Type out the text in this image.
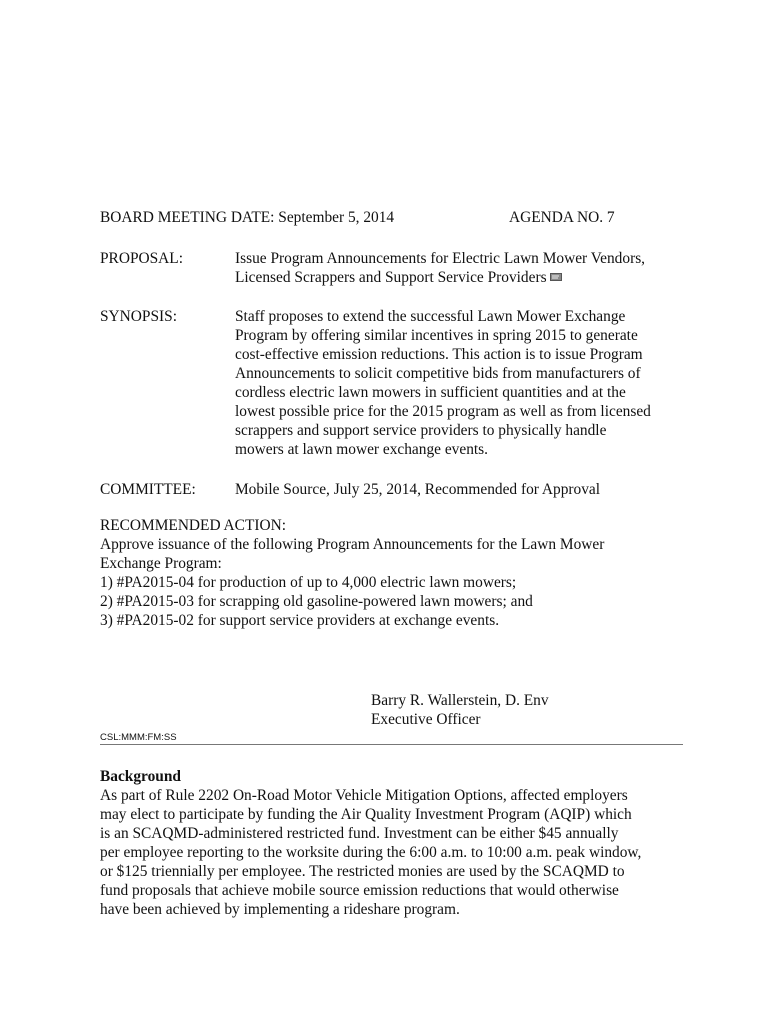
BOARD MEETING DATE: September 5, 2014	AGENDA NO. 7
PROPOSAL:	Issue Program Announcements for Electric Lawn Mower Vendors,
Licensed Scrappers and Support Service Providers
SYNOPSIS:	Staff proposes to extend the successful Lawn Mower Exchange
Program by offering similar incentives in spring 2015 to generate
cost-effective emission reductions. This action is to issue Program
Announcements to solicit competitive bids from manufacturers of
cordless electric lawn mowers in sufficient quantities and at the
lowest possible price for the 2015 program as well as from licensed
scrappers and support service providers to physically handle
mowers at lawn mower exchange events.
COMMITTEE:	Mobile Source, July 25, 2014, Recommended for Approval
RECOMMENDED ACTION:
Approve issuance of the following Program Announcements for the Lawn Mower
Exchange Program:
1) #PA2015-04 for production of up to 4,000 electric lawn mowers;
2) #PA2015-03 for scrapping old gasoline-powered lawn mowers; and
3) #PA2015-02 for support service providers at exchange events.
Barry R. Wallerstein, D. Env
Executive Officer
CSL:MMM:FM:SS
Background
As part of Rule 2202 On-Road Motor Vehicle Mitigation Options, affected employers
may elect to participate by funding the Air Quality Investment Program (AQIP) which
is an SCAQMD-administered restricted fund. Investment can be either $45 annually
per employee reporting to the worksite during the 6:00 a.m. to 10:00 a.m. peak window,
or $125 triennially per employee. The restricted monies are used by the SCAQMD to
fund proposals that achieve mobile source emission reductions that would otherwise
have been achieved by implementing a rideshare program.
